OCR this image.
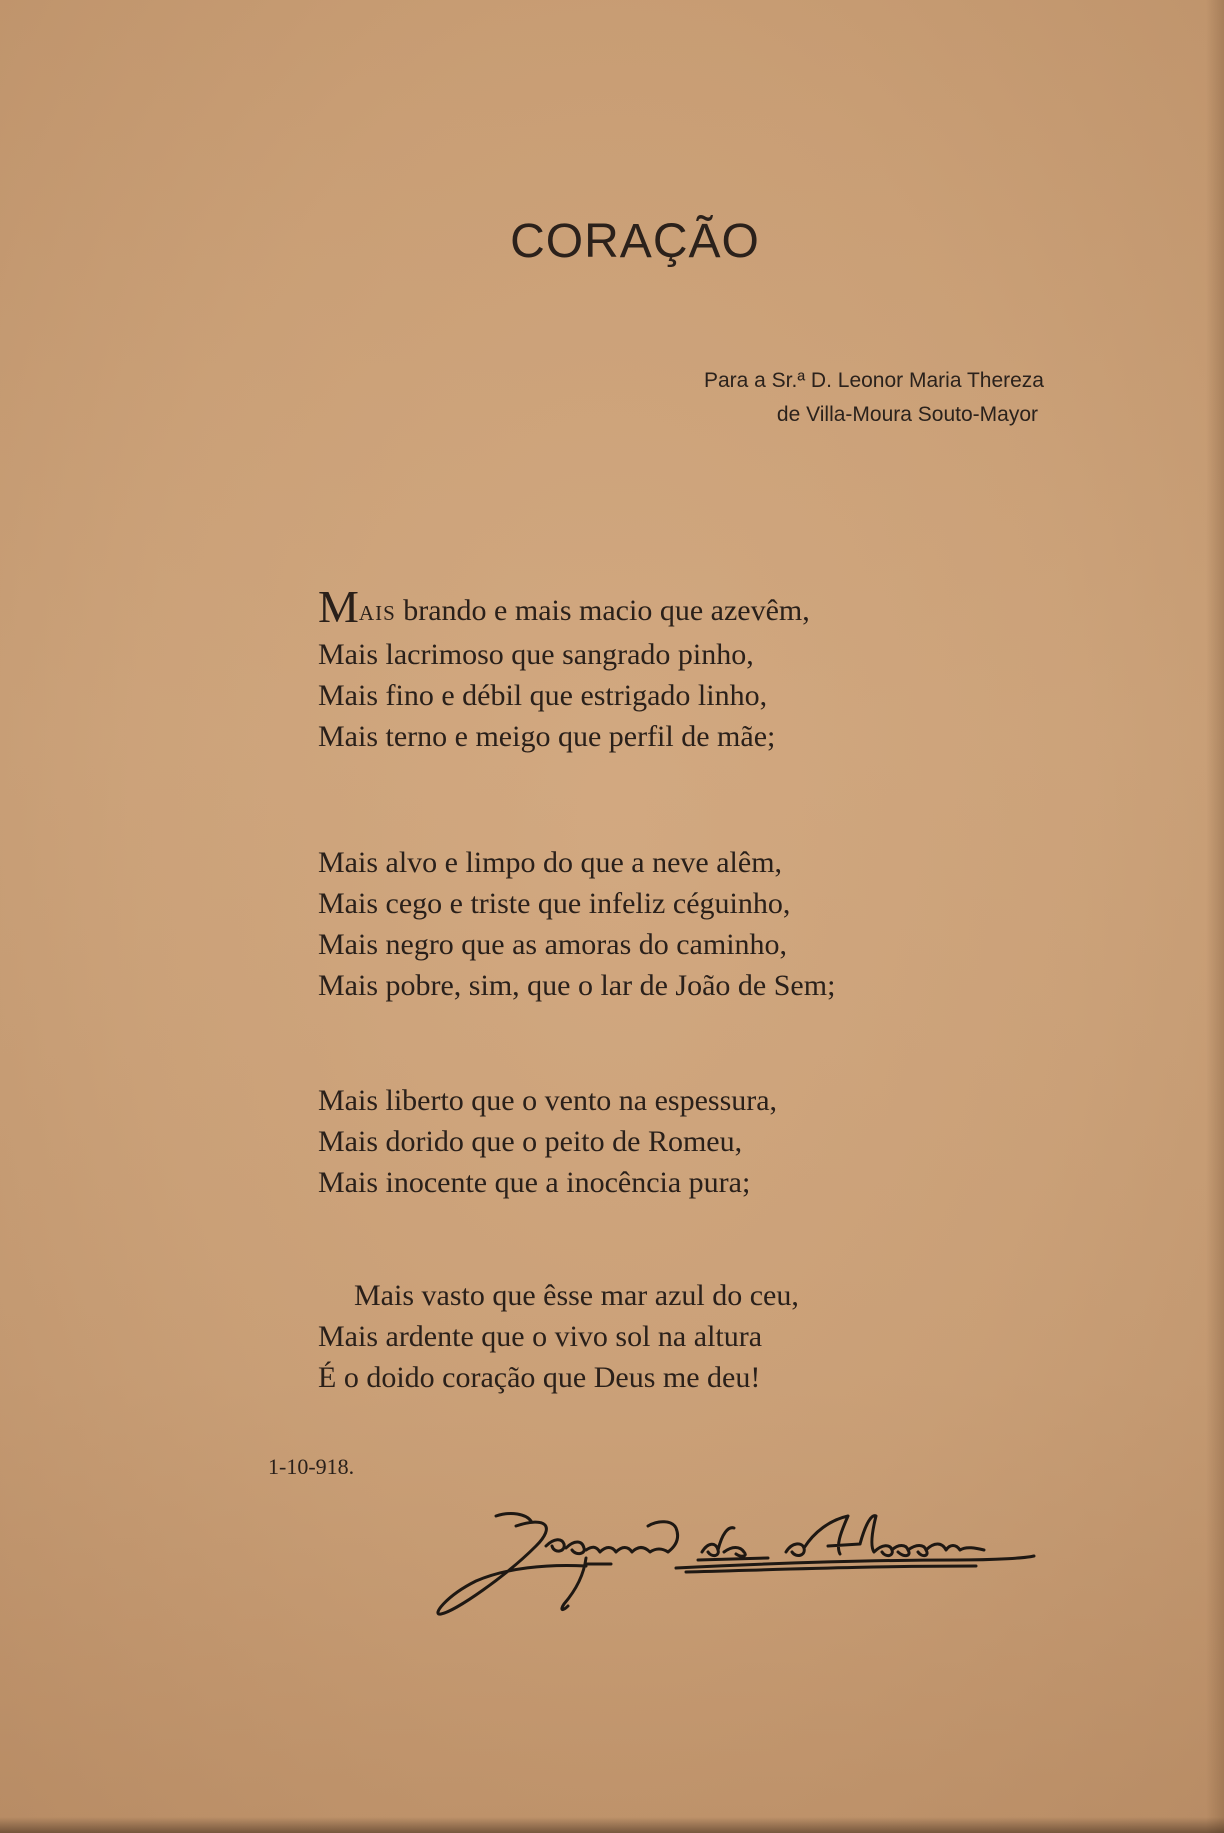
CORAÇÃO
Para a Sr.ª D. Leonor Maria Thereza
de Villa-Moura Souto-Mayor
MAIS brando e mais macio que azevêm,
Mais lacrimoso que sangrado pinho,
Mais fino e débil que estrigado linho,
Mais terno e meigo que perfil de mãe;
Mais alvo e limpo do que a neve alêm,
Mais cego e triste que infeliz céguinho,
Mais negro que as amoras do caminho,
Mais pobre, sim, que o lar de João de Sem;
Mais liberto que o vento na espessura,
Mais dorido que o peito de Romeu,
Mais inocente que a inocência pura;
Mais vasto que êsse mar azul do ceu,
Mais ardente que o vivo sol na altura
É o doido coração que Deus me deu!
1-10-918.
